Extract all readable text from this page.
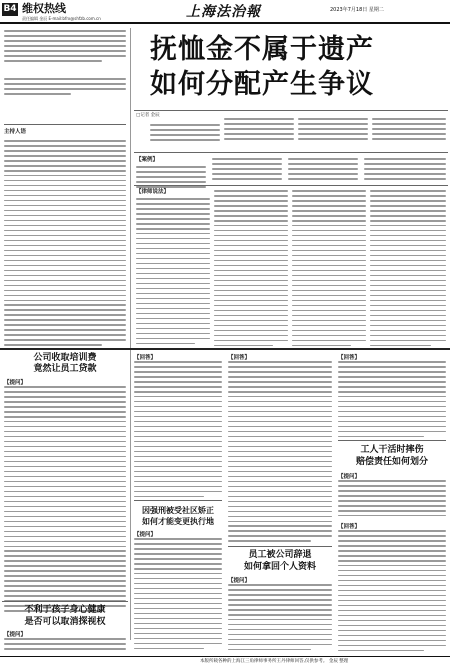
B4 维权热线
责任编辑 金辰 E-mail:bfrx@shfzb.com.cn	上海法治報	2023年7月18日 星期二
抚恤金不属于遗产
如何分配产生争议
主持人语
□记者 金辰
【案例】
【律师说法】
公司收取培训费
竟然让员工贷款
【提问】
不利于孩子身心健康
是否可以取消探视权
【提问】
【回答】
因强刑被受社区矫正
如何才能变更执行地
【提问】
【回答】
员工被公司辞退
如何拿回个人资料
【提问】
【回答】
工人干活时摔伤
赔偿责任如何划分
【提问】
【回答】
本版所载各种的上海江三角律师事务所王丹律师回答,仅供参考。 金辰 整理
